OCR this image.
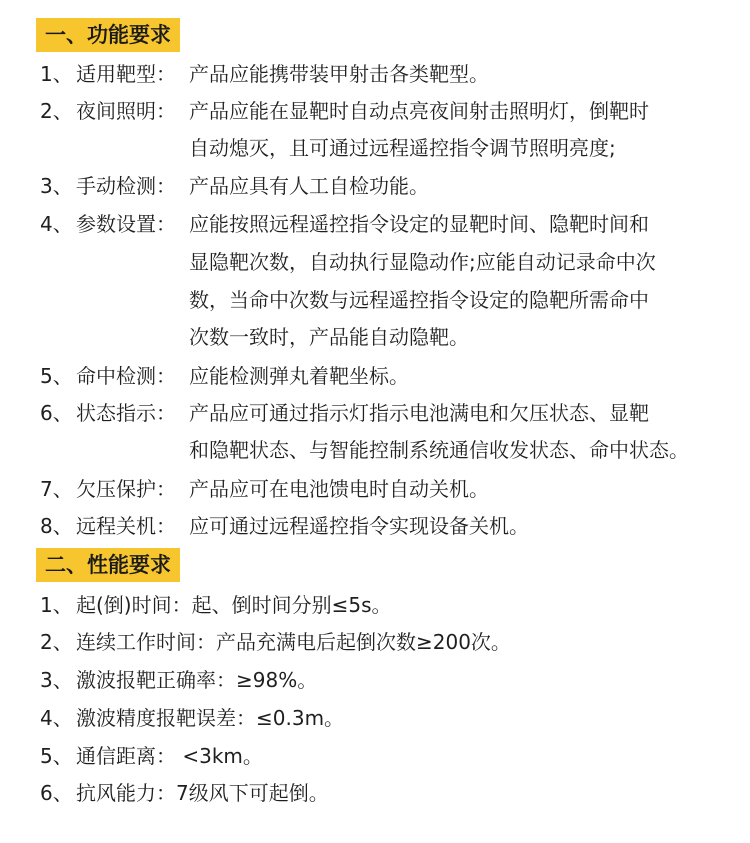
一、功能要求
1、 适用靶型： 产品应能携带装甲射击各类靶型。
2、 夜间照明： 产品应能在显靶时自动点亮夜间射击照明灯，倒靶时
自动熄灭，且可通过远程遥控指令调节照明亮度;
3、 手动检测： 产品应具有人工自检功能。
4、 参数设置： 应能按照远程遥控指令设定的显靶时间、隐靶时间和
显隐靶次数，自动执行显隐动作;应能自动记录命中次
数，当命中次数与远程遥控指令设定的隐靶所需命中
次数一致时，产品能自动隐靶。
5、 命中检测： 应能检测弹丸着靶坐标。
6、 状态指示： 产品应可通过指示灯指示电池满电和欠压状态、显靶
和隐靶状态、与智能控制系统通信收发状态、命中状态。
7、 欠压保护： 产品应可在电池馈电时自动关机。
8、 远程关机： 应可通过远程遥控指令实现设备关机。
二、性能要求
1、 起(倒)时间：起、倒时间分别≤5s。
2、 连续工作时间：产品充满电后起倒次数≥200次。
3、 激波报靶正确率：≥98%。
4、 激波精度报靶误差：≤0.3m。
5、 通信距离： <3km。
6、 抗风能力：7级风下可起倒。
